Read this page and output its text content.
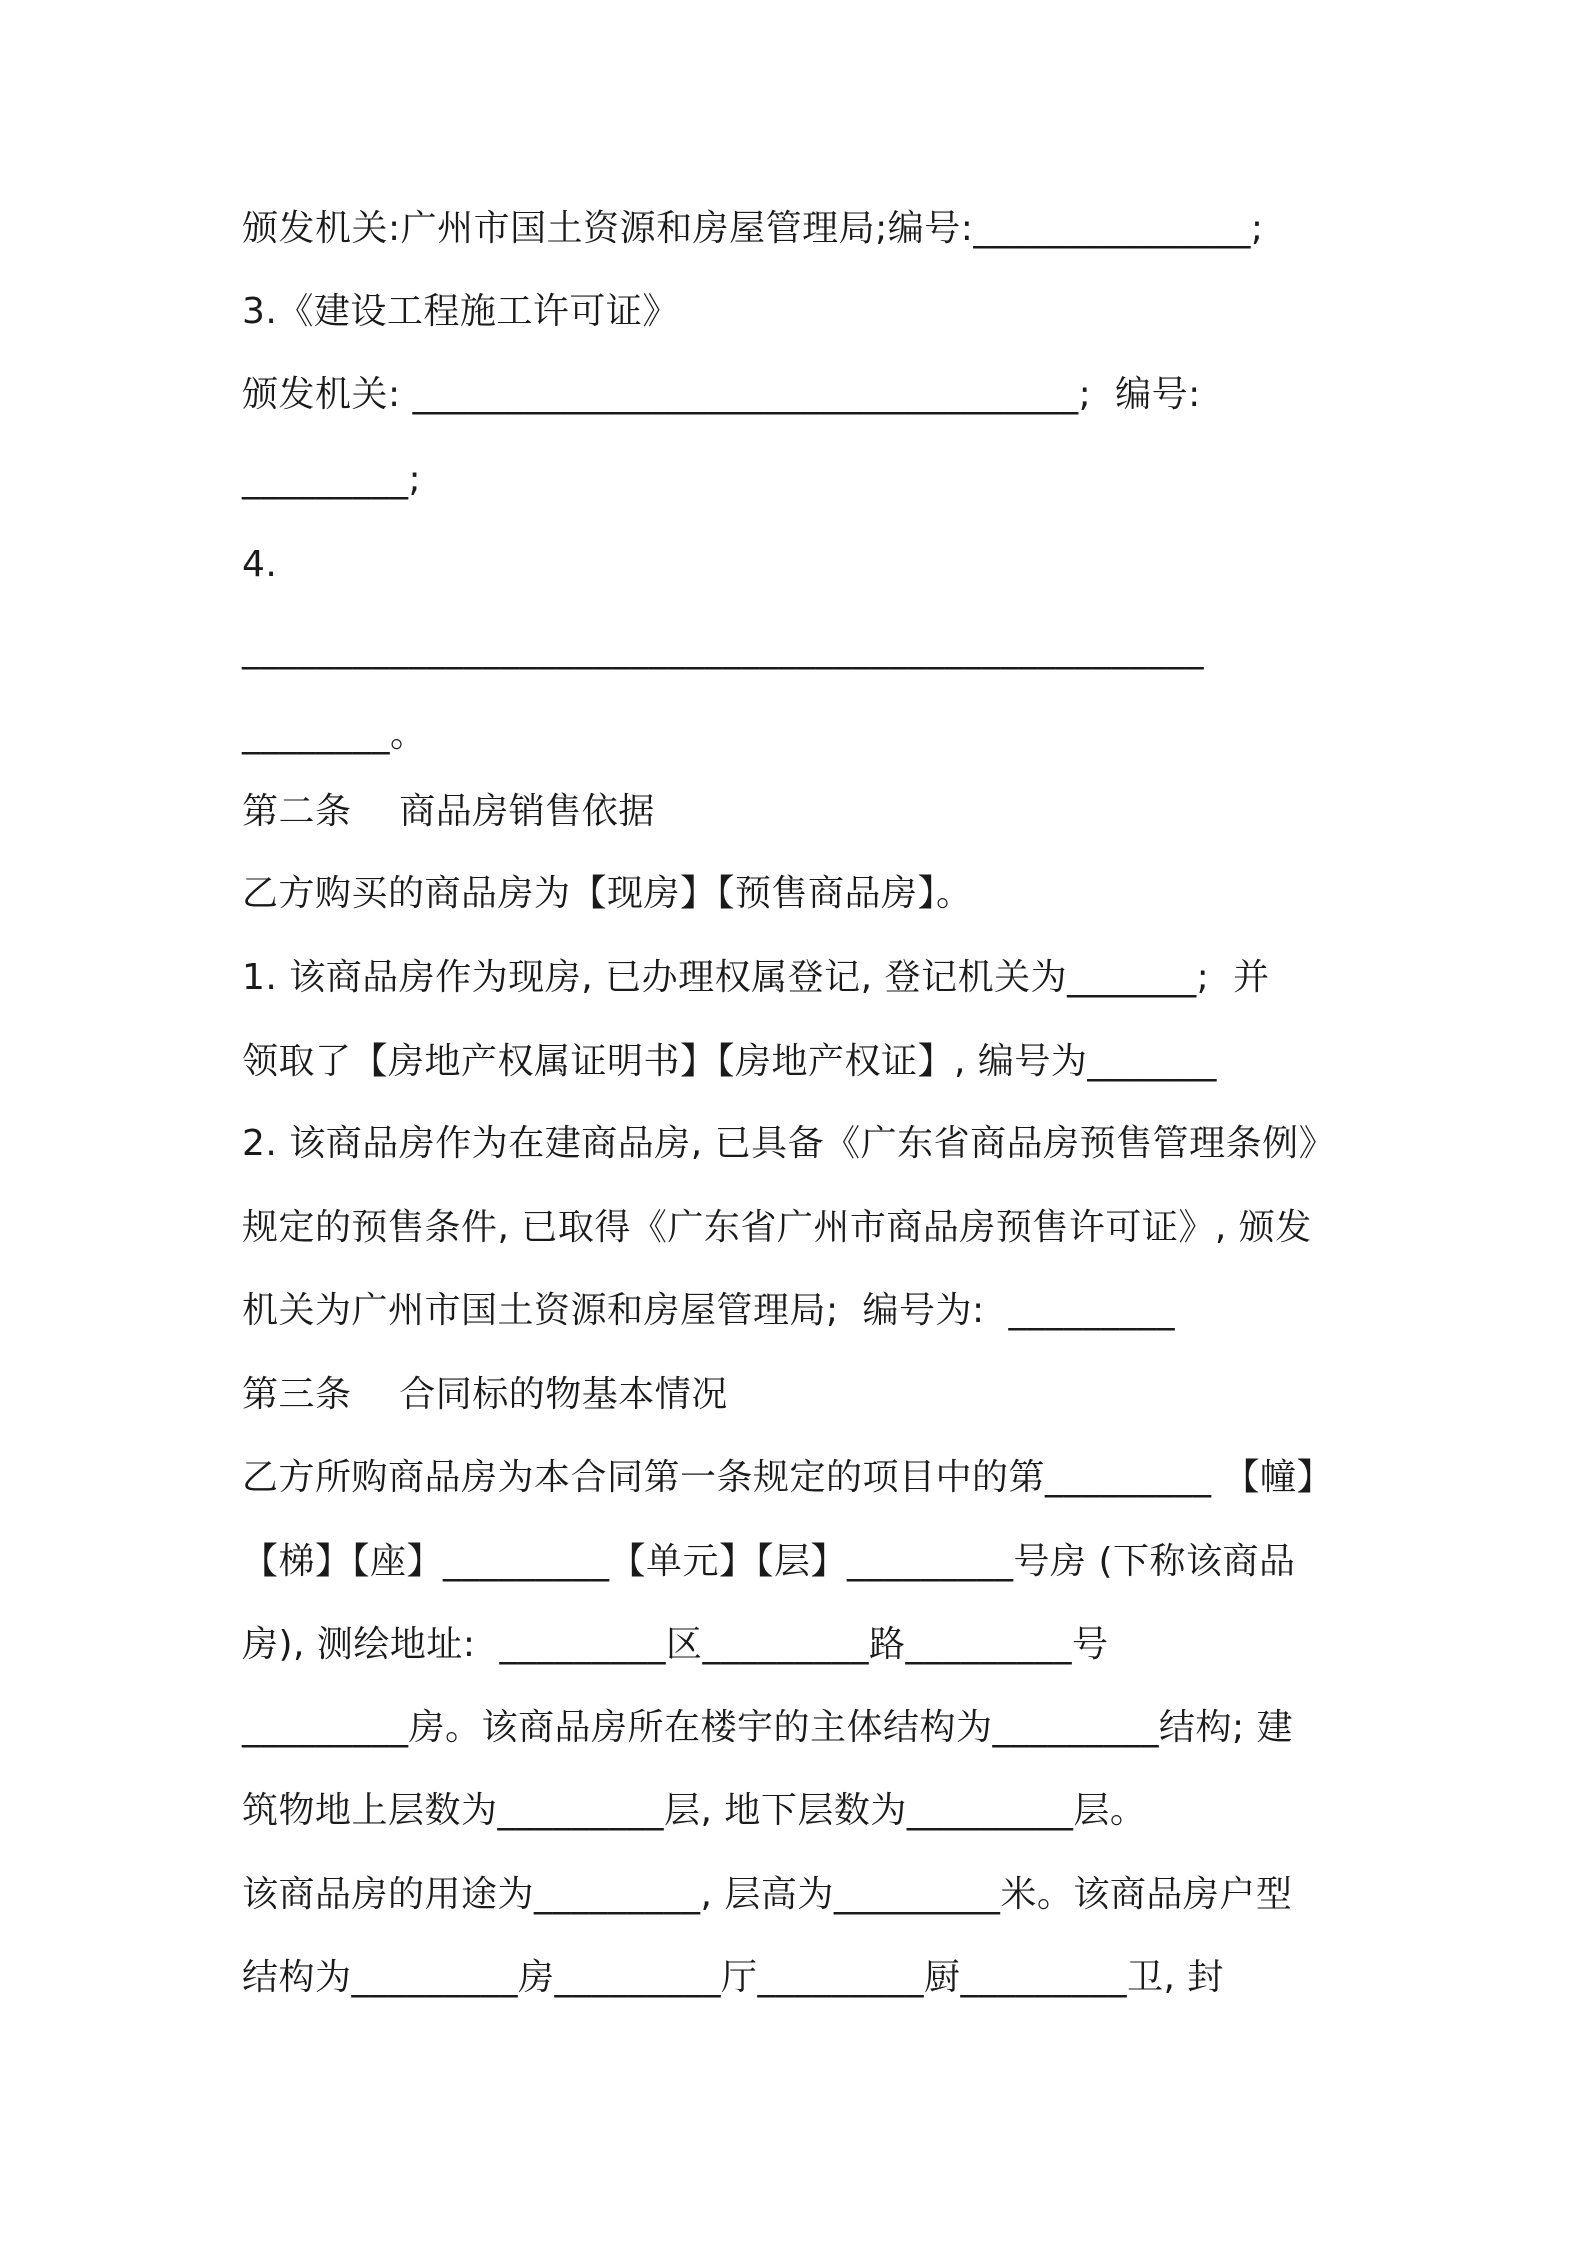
颁发机关:广州市国土资源和房屋管理局;编号:_______________;
3.《建设工程施工许可证》
颁发机关: ____________________________________;  编号:
_________;
4.
____________________________________________________
________。
第二条    商品房销售依据
乙方购买的商品房为【现房】【预售商品房】。
1. 该商品房作为现房, 已办理权属登记, 登记机关为_______;  并
领取了【房地产权属证明书】【房地产权证】, 编号为_______
2. 该商品房作为在建商品房, 已具备《广东省商品房预售管理条例》
规定的预售条件, 已取得《广东省广州市商品房预售许可证》, 颁发
机关为广州市国土资源和房屋管理局;  编号为:  _________
第三条    合同标的物基本情况
乙方所购商品房为本合同第一条规定的项目中的第_________ 【幢】
【梯】【座】_________【单元】【层】_________号房 (下称该商品
房), 测绘地址:  _________区_________路_________号
_________房。该商品房所在楼宇的主体结构为_________结构; 建
筑物地上层数为_________层, 地下层数为_________层。
该商品房的用途为_________, 层高为_________米。该商品房户型
结构为_________房_________厅_________厨_________卫, 封
